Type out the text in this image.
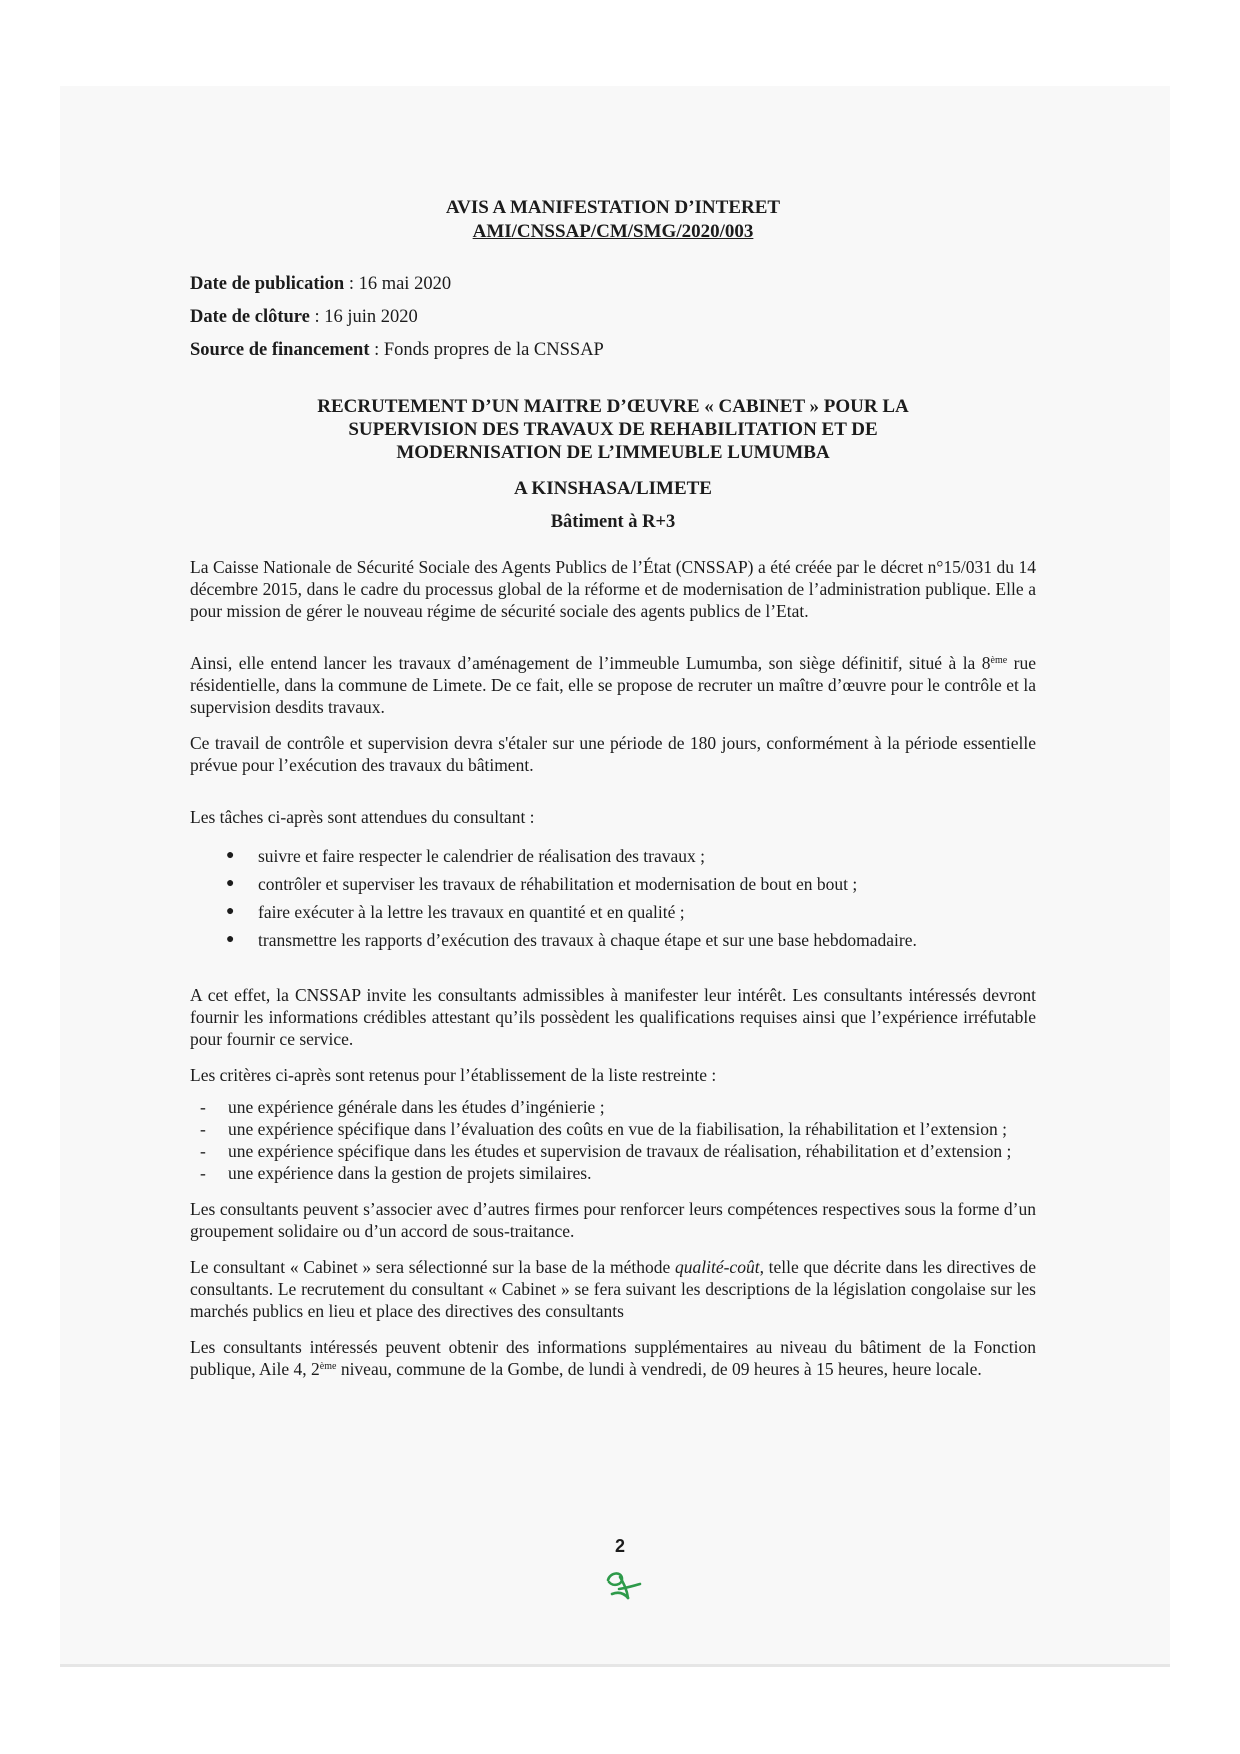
AVIS A MANIFESTATION D’INTERET
AMI/CNSSAP/CM/SMG/2020/003
Date de publication : 16 mai 2020
Date de clôture : 16 juin 2020
Source de financement : Fonds propres de la CNSSAP
RECRUTEMENT D’UN MAITRE D’ŒUVRE « CABINET » POUR LA
SUPERVISION DES TRAVAUX DE REHABILITATION ET DE
MODERNISATION DE L’IMMEUBLE LUMUMBA
A KINSHASA/LIMETE
Bâtiment à R+3

La Caisse Nationale de Sécurité Sociale des Agents Publics de l’État (CNSSAP) a été créée par le décret n°15/031 du 14 décembre 2015, dans le cadre du processus global de la réforme et de modernisation de l’administration publique. Elle a pour mission de gérer le nouveau régime de sécurité sociale des agents publics de l’Etat.

Ainsi, elle entend lancer les travaux d’aménagement de l’immeuble Lumumba, son siège définitif, situé à la 8ème rue résidentielle, dans la commune de Limete. De ce fait, elle se propose de recruter un maître d’œuvre pour le contrôle et la supervision desdits travaux.

Ce travail de contrôle et supervision devra s'étaler sur une période de 180 jours, conformément à la période essentielle prévue pour l’exécution des travaux du bâtiment.

Les tâches ci-après sont attendues du consultant :

● suivre et faire respecter le calendrier de réalisation des travaux ;
● contrôler et superviser les travaux de réhabilitation et modernisation de bout en bout ;
● faire exécuter à la lettre les travaux en quantité et en qualité ;
● transmettre les rapports d’exécution des travaux à chaque étape et sur une base hebdomadaire.

A cet effet, la CNSSAP invite les consultants admissibles à manifester leur intérêt. Les consultants intéressés devront fournir les informations crédibles attestant qu’ils possèdent les qualifications requises ainsi que l’expérience irréfutable pour fournir ce service.

Les critères ci-après sont retenus pour l’établissement de la liste restreinte :

- une expérience générale dans les études d’ingénierie ;
- une expérience spécifique dans l’évaluation des coûts en vue de la fiabilisation, la réhabilitation et l’extension ;
- une expérience spécifique dans les études et supervision de travaux de réalisation, réhabilitation et d’extension ;
- une expérience dans la gestion de projets similaires.

Les consultants peuvent s’associer avec d’autres firmes pour renforcer leurs compétences respectives sous la forme d’un groupement solidaire ou d’un accord de sous-traitance.

Le consultant « Cabinet » sera sélectionné sur la base de la méthode qualité-coût, telle que décrite dans les directives de consultants. Le recrutement du consultant « Cabinet » se fera suivant les descriptions de la législation congolaise sur les marchés publics en lieu et place des directives des consultants

Les consultants intéressés peuvent obtenir des informations supplémentaires au niveau du bâtiment de la Fonction publique, Aile 4, 2ème niveau, commune de la Gombe, de lundi à vendredi, de 09 heures à 15 heures, heure locale.

2
